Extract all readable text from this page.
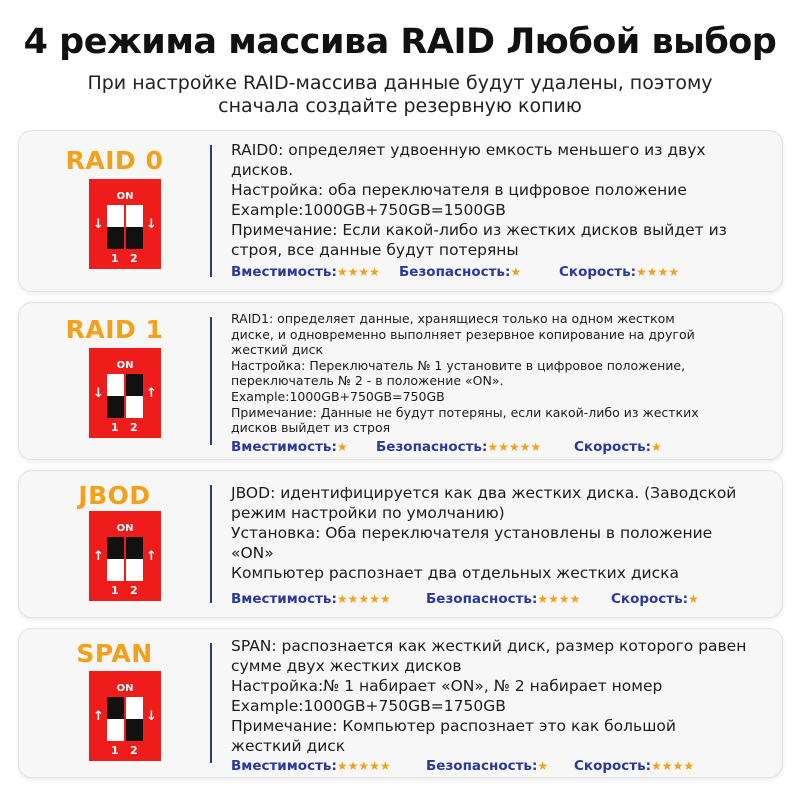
4 режима массива RAID Любой выбор
При настройке RAID-массива данные будут удалены, поэтому
сначала создайте резервную копию
RAID 0
ON
↓	↓
1 2

RAID0: определяет удвоенную емкость меньшего из двух

дисков.

Настройка: оба переключателя в цифровое положение

Example:1000GB+750GB=1500GB

Примечание: Если какой-либо из жестких дисков выйдет из

строя, все данные будут потеряны

Вместимость:★★★★ Безопасность:★	Скорость:★★★★
RAID 1
ON
↓	↑
1 2

RAID1: определяет данные, хранящиеся только на одном жестком

диске, и одновременно выполняет резервное копирование на другой

жесткий диск

Настройка: Переключатель № 1 установите в цифровое положение,

переключатель № 2 - в положение «ON».

Example:1000GB+750GB=750GB

Примечание: Данные не будут потеряны, если какой-либо из жестких

дисков выйдет из строя

Вместимость:★ Безопасность:★★★★★ Скорость:★
JBOD
ON
↑	↑
1 2

JBOD: идентифицируется как два жестких диска. (Заводской

режим настройки по умолчанию)

Установка: Оба переключателя установлены в положение

«ON»

Компьютер распознает два отдельных жестких диска

Вместимость:★★★★★	Безопасность:★★★★ Скорость:★
SPAN
ON
↑	↓
1 2

SPAN: распознается как жесткий диск, размер которого равен

сумме двух жестких дисков

Настройка:№ 1 набирает «ON», № 2 набирает номер

Example:1000GB+750GB=1750GB

Примечание: Компьютер распознает это как большой

жесткий диск

Вместимость:★★★★★	Безопасность:★ Скорость:★★★★
